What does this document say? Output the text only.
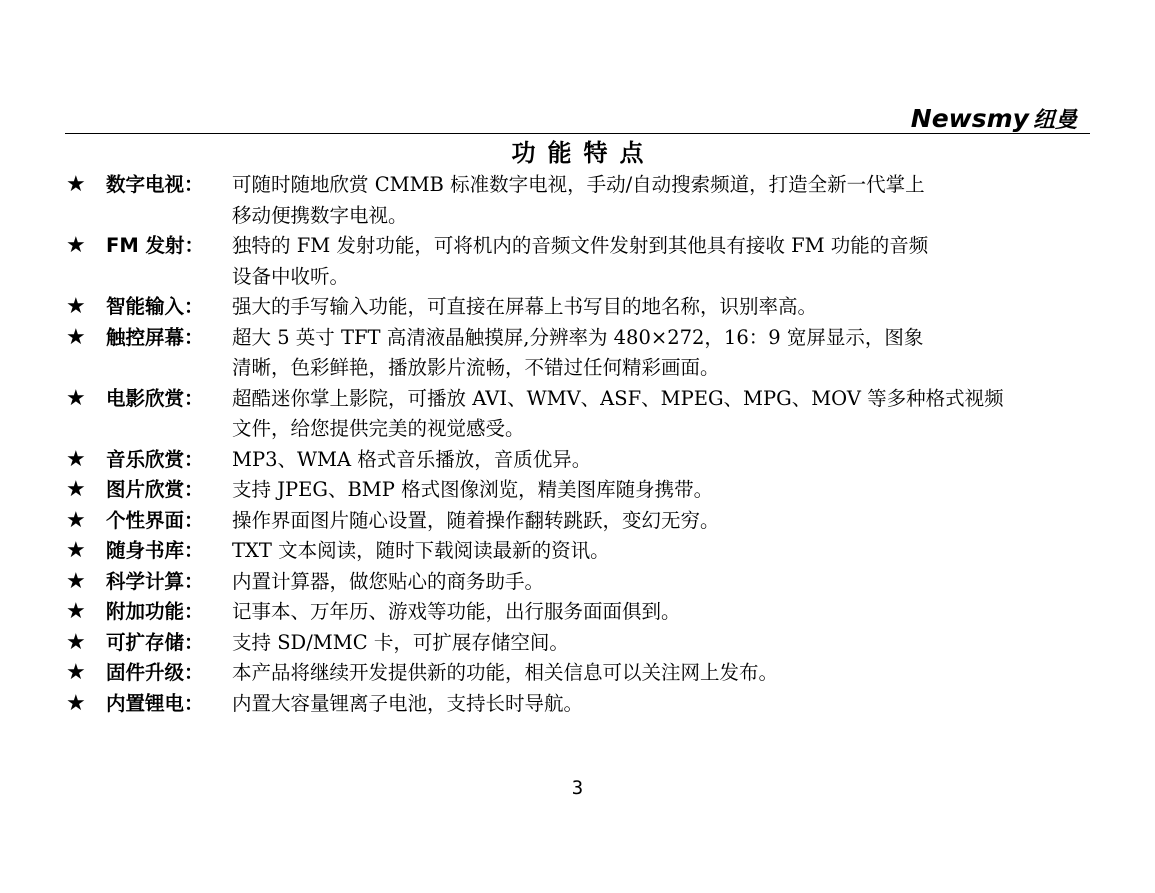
Newsmy 纽曼
功能特点
★	数字电视： 可随时随地欣赏 CMMB 标准数字电视，手动/自动搜索频道，打造全新一代掌上
移动便携数字电视。
★	FM 发射： 独特的 FM 发射功能，可将机内的音频文件发射到其他具有接收 FM 功能的音频
设备中收听。
★	智能输入： 强大的手写输入功能，可直接在屏幕上书写目的地名称，识别率高。
★	触控屏幕： 超大 5 英寸 TFT 高清液晶触摸屏,分辨率为 480×272，16：9 宽屏显示，图象
清晰，色彩鲜艳，播放影片流畅，不错过任何精彩画面。
★	电影欣赏： 超酷迷你掌上影院，可播放 AVI、WMV、ASF、MPEG、MPG、MOV 等多种格式视频
文件，给您提供完美的视觉感受。
★	音乐欣赏： MP3、WMA 格式音乐播放，音质优异。
★	图片欣赏： 支持 JPEG、BMP 格式图像浏览，精美图库随身携带。
★	个性界面： 操作界面图片随心设置，随着操作翻转跳跃，变幻无穷。
★	随身书库： TXT 文本阅读，随时下载阅读最新的资讯。
★	科学计算： 内置计算器，做您贴心的商务助手。
★	附加功能： 记事本、万年历、游戏等功能，出行服务面面俱到。
★	可扩存储： 支持 SD/MMC 卡，可扩展存储空间。
★	固件升级： 本产品将继续开发提供新的功能，相关信息可以关注网上发布。
★	内置锂电： 内置大容量锂离子电池，支持长时导航。
3
